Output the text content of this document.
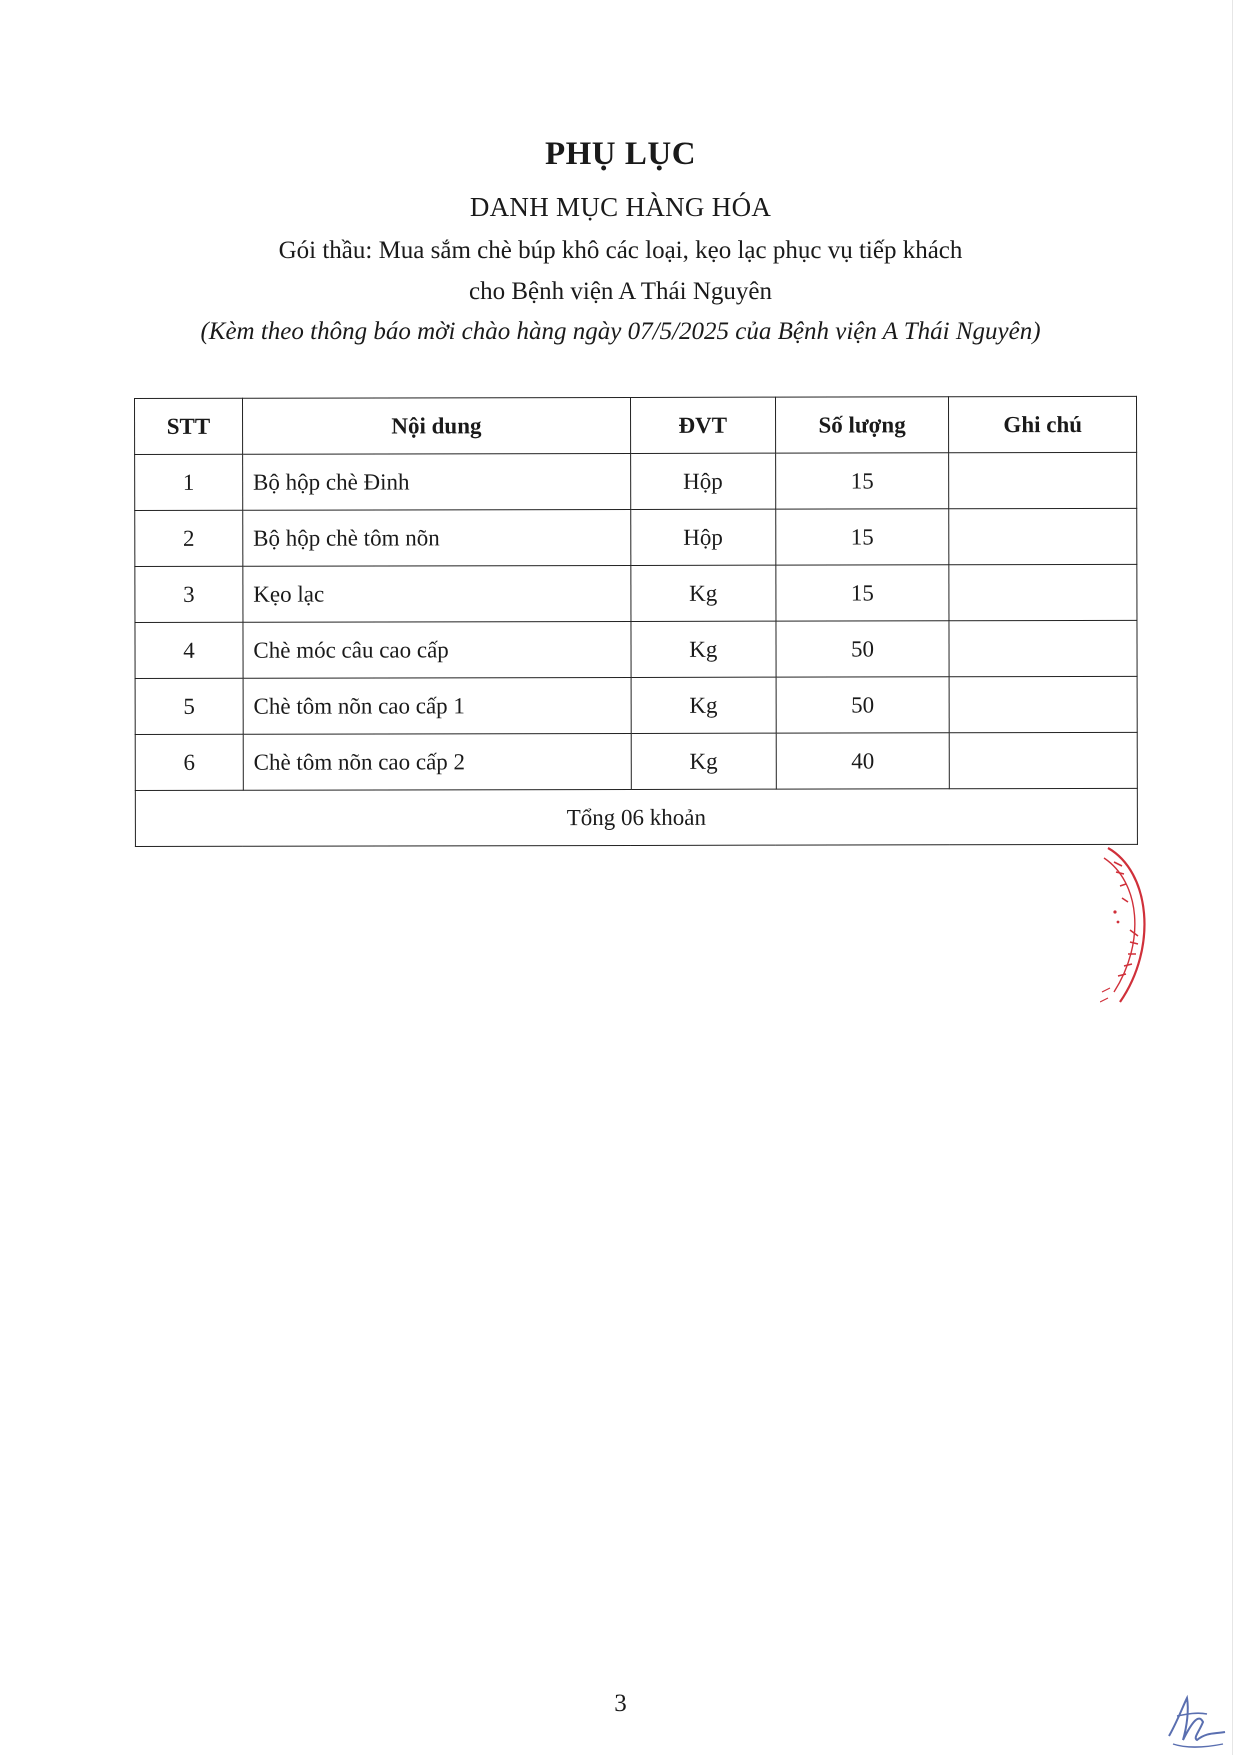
PHỤ LỤC
DANH MỤC HÀNG HÓA
Gói thầu: Mua sắm chè búp khô các loại, kẹo lạc phục vụ tiếp khách
cho Bệnh viện A Thái Nguyên
(Kèm theo thông báo mời chào hàng ngày 07/5/2025 của Bệnh viện A Thái Nguyên)
STT	Nội dung	ĐVT	Số lượng	Ghi chú
1	Bộ hộp chè Đinh	Hộp	15	
2	Bộ hộp chè tôm nõn	Hộp	15	
3	Kẹo lạc	Kg	15	
4	Chè móc câu cao cấp	Kg	50	
5	Chè tôm nõn cao cấp 1	Kg	50	
6	Chè tôm nõn cao cấp 2	Kg	40	
Tổng 06 khoản				
3
